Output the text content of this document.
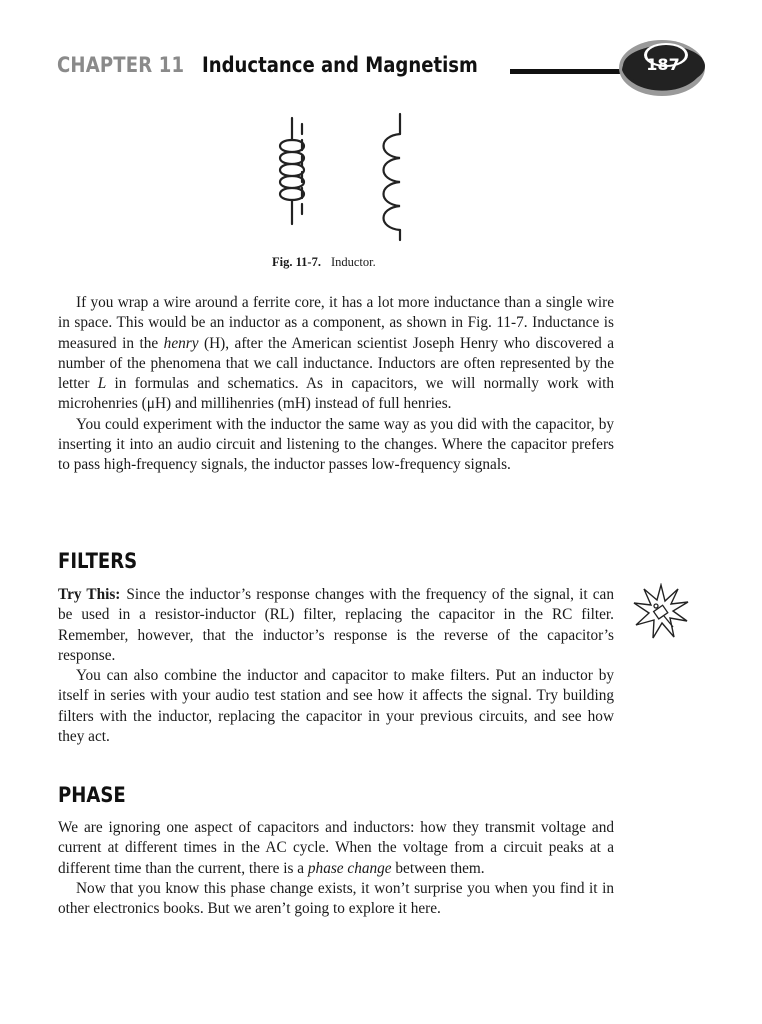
CHAPTER 11 Inductance and Magnetism	187
Fig. 11-7. Inductor.

If you wrap a wire around a ferrite core, it has a lot more inductance than a single wire in space. This would be an inductor as a component, as shown in Fig. 11-7. Inductance is measured in the henry (H), after the American scientist Joseph Henry who discovered a number of the phenomena that we call inductance. Inductors are often represented by the letter L in formulas and schematics. As in capacitors, we will normally work with microhenries (μH) and millihenries (mH) instead of full henries.

You could experiment with the inductor the same way as you did with the capacitor, by inserting it into an audio circuit and listening to the changes. Where the capacitor prefers to pass high-frequency signals, the inductor passes low-frequency signals.

FILTERS

Try This: Since the inductor’s response changes with the frequency of the signal, it can be used in a resistor-inductor (RL) filter, replacing the capacitor in the RC filter. Remember, however, that the inductor’s response is the reverse of the capacitor’s response.

You can also combine the inductor and capacitor to make filters. Put an inductor by itself in series with your audio test station and see how it affects the signal. Try building filters with the inductor, replacing the capacitor in your previous circuits, and see how they act.

PHASE

We are ignoring one aspect of capacitors and inductors: how they transmit voltage and current at different times in the AC cycle. When the voltage from a circuit peaks at a different time than the current, there is a phase change between them.

Now that you know this phase change exists, it won’t surprise you when you find it in other electronics books. But we aren’t going to explore it here.
